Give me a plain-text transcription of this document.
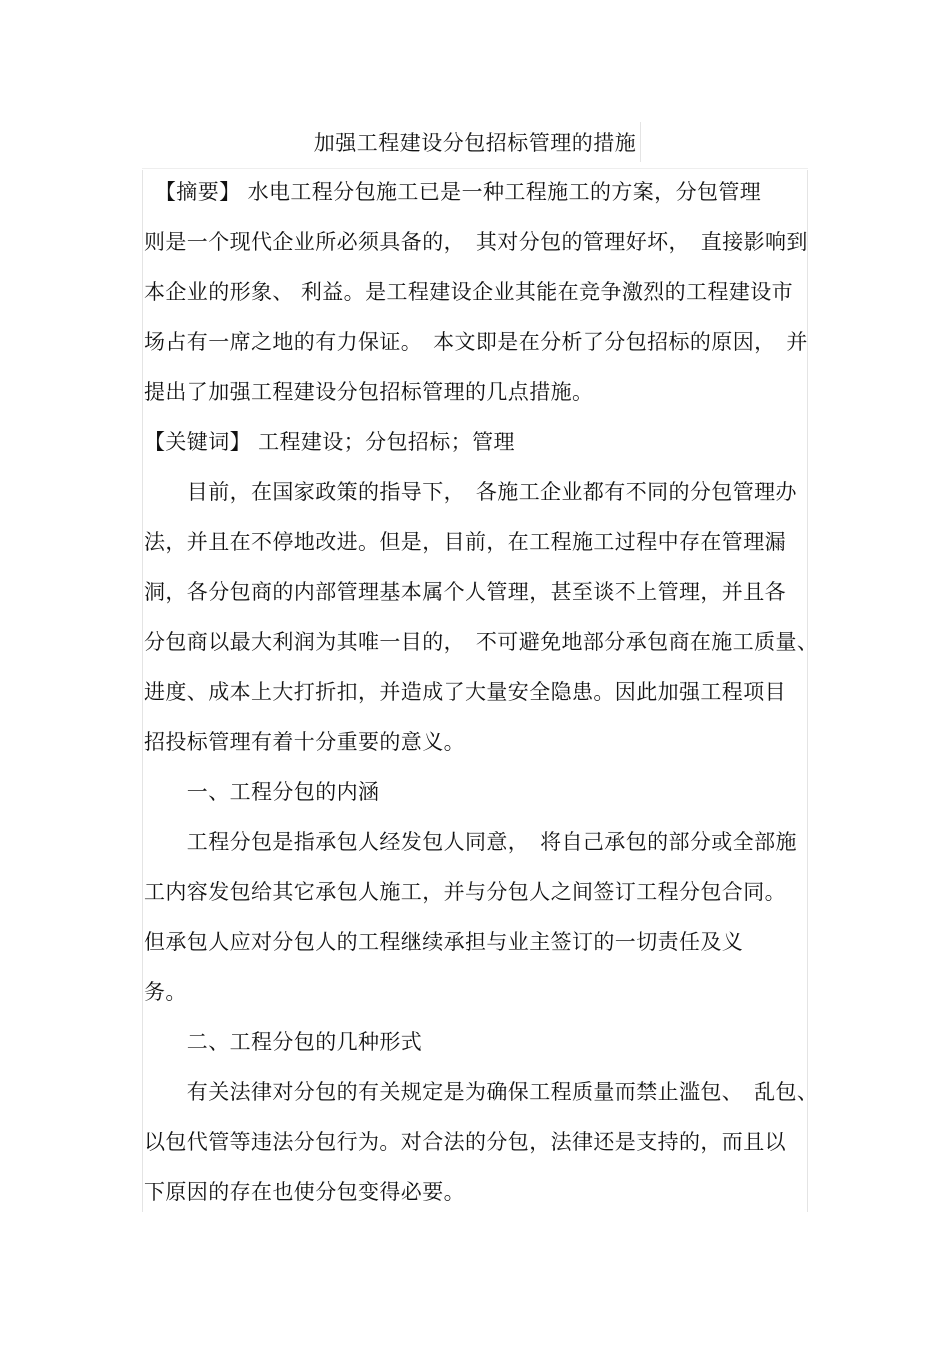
加强工程建设分包招标管理的措施
　【摘要】 水电工程分包施工已是一种工程施工的方案，分包管理
则是一个现代企业所必须具备的，　其对分包的管理好坏，　直接影响到
本企业的形象、 利益。是工程建设企业其能在竞争激烈的工程建设市
场占有一席之地的有力保证。　本文即是在分析了分包招标的原因，　并
提出了加强工程建设分包招标管理的几点措施。
【关键词】 工程建设；分包招标；管理
　　目前，在国家政策的指导下，　各施工企业都有不同的分包管理办
法，并且在不停地改进。但是，目前，在工程施工过程中存在管理漏
洞，各分包商的内部管理基本属个人管理，甚至谈不上管理，并且各
分包商以最大利润为其唯一目的，　不可避免地部分承包商在施工质量、
进度、成本上大打折扣，并造成了大量安全隐患。因此加强工程项目
招投标管理有着十分重要的意义。
　　一、工程分包的内涵
　　工程分包是指承包人经发包人同意，　将自己承包的部分或全部施
工内容发包给其它承包人施工，并与分包人之间签订工程分包合同。
但承包人应对分包人的工程继续承担与业主签订的一切责任及义
务。
　　二、工程分包的几种形式
　　有关法律对分包的有关规定是为确保工程质量而禁止滥包、　乱包、
以包代管等违法分包行为。对合法的分包，法律还是支持的，而且以
下原因的存在也使分包变得必要。
